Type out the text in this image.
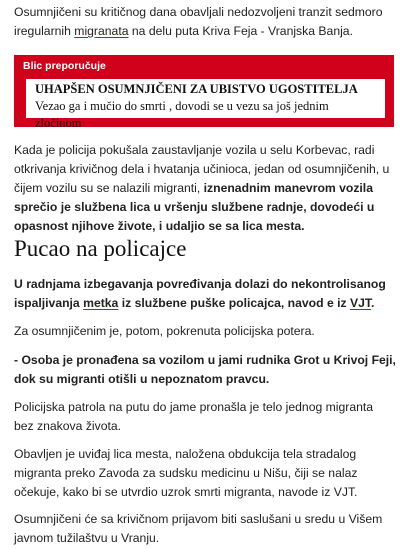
Osumnjičeni su kritičnog dana obavljali nedozvoljeni tranzit sedmoro iregularnih migranata na delu puta Kriva Feja - Vranjska Banja.

Blic preporučuje
UHAPŠEN OSUMNJIČENI ZA UBISTVO UGOSTITELJA Vezao ga i mučio do smrti , dovodi se u vezu sa još jednim zločinom

Kada je policija pokušala zaustavljanje vozila u selu Korbevac, radi otkrivanja krivičnog dela i hvatanja učinioca, jedan od osumnjičenih, u čijem vozilu su se nalazili migranti, iznenadnim manevrom vozila sprečio je službena lica u vršenju službene radnje, dovodeći u opasnost njihove živote, i udaljio se sa lica mesta.

Pucao na policajce

U radnjama izbegavanja povređivanja dolazi do nekontrolisanog ispaljivanja metka iz službene puške policajca, navod e iz VJT.

Za osumnjičenim je, potom, pokrenuta policijska potera.

- Osoba je pronađena sa vozilom u jami rudnika Grot u Krivoj Feji, dok su migranti otišli u nepoznatom pravcu.

Policijska patrola na putu do jame pronašla je telo jednog migranta bez znakova života.

Obavljen je uviđaj lica mesta, naložena obdukcija tela stradalog migranta preko Zavoda za sudsku medicinu u Nišu, čiji se nalaz očekuje, kako bi se utvrdio uzrok smrti migranta, navode iz VJT.

Osumnjičeni će sa krivičnom prijavom biti saslušani u sredu u Višem javnom tužilaštvu u Vranju.
